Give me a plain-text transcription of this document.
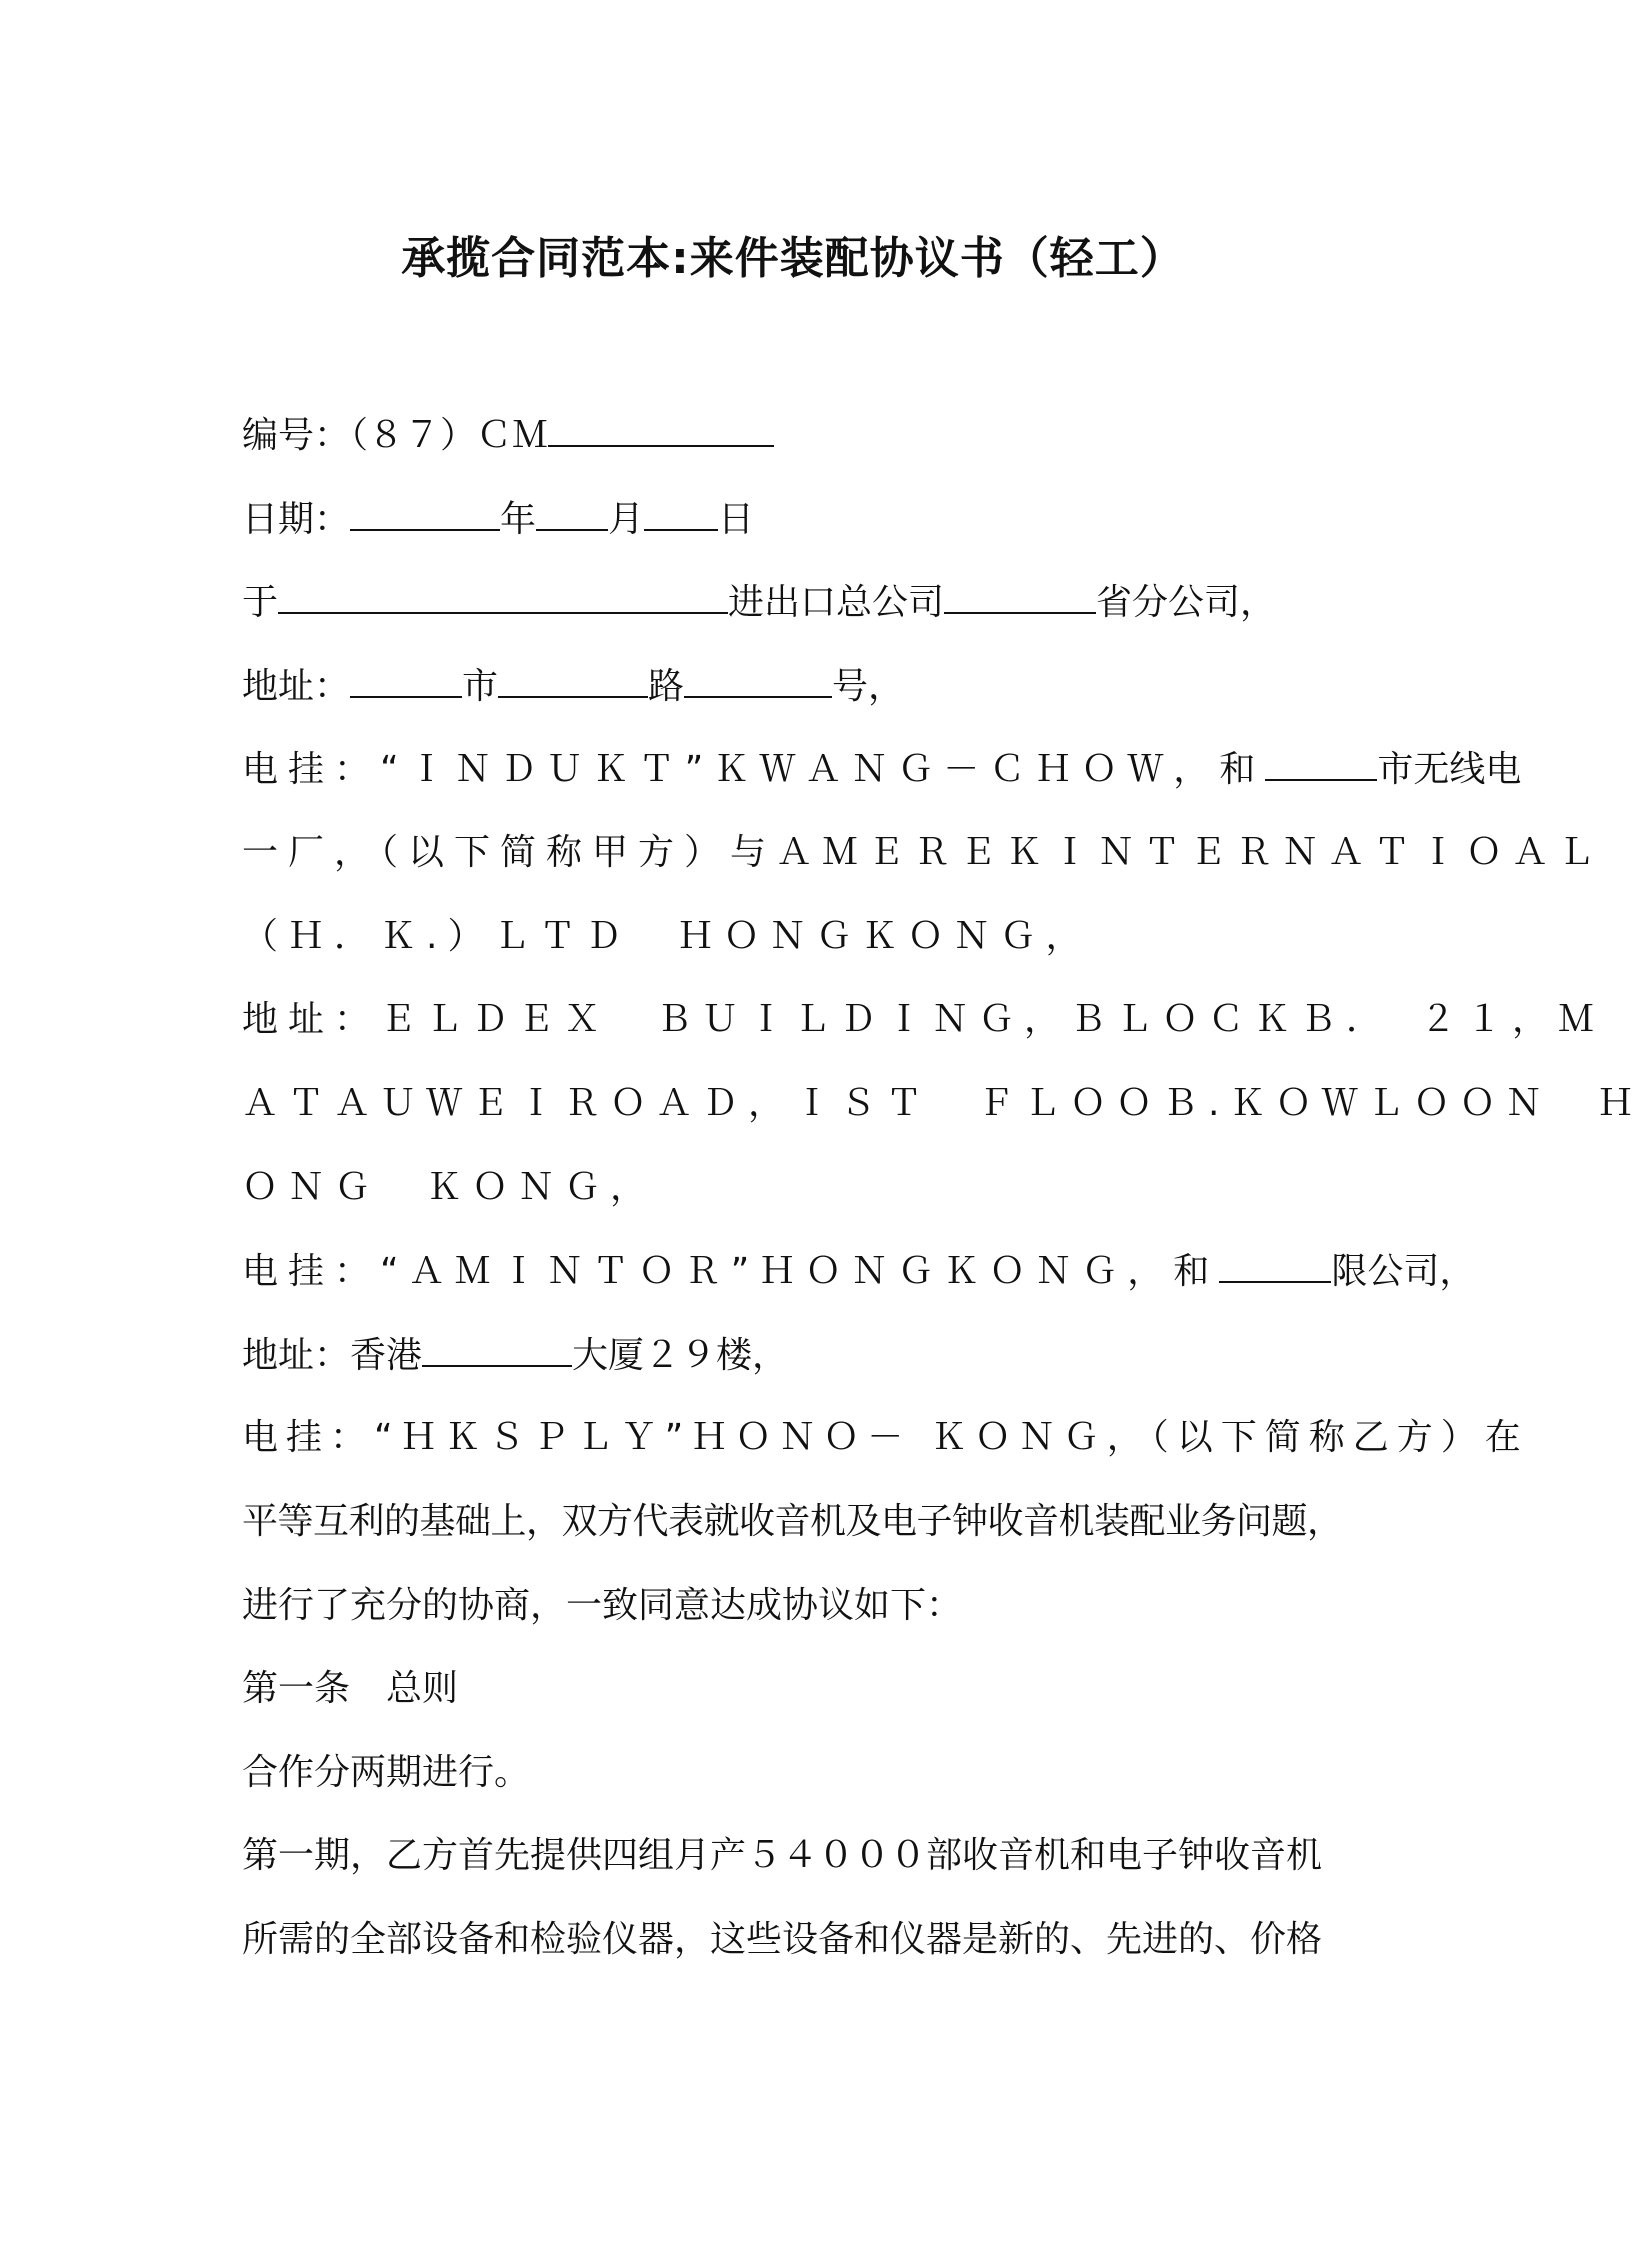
承揽合同范本:来件装配协议书（轻工）
编号：（８７）ＣＭ
日期：	年 月 日
于	进出口总公司	省分公司，
地址：	市	路	号，
电挂：“ＩＮＤＵＫＴ”ＫＷＡＮＧ－ＣＨＯＷ，和	市无线电
一厂，（以下简称甲方）与ＡＭＥＲＥＫＩＮＴＥＲＮＡＴＩＯＡＬ
（Ｈ．Ｋ.）ＬＴＤ　ＨＯＮＧＫＯＮＧ，
地址：ＥＬＤＥＸ　ＢＵＩＬＤＩＮＧ，ＢＬＯＣＫＢ．　２１，Ｍ
ＡＴＡＵＷＥＩＲＯＡＤ，ＩＳＴ　ＦＬＯＯＢ.ＫＯＷＬＯＯＮ　Ｈ
ＯＮＧ　ＫＯＮＧ，
电挂：“ＡＭＩＮＴＯＲ”ＨＯＮＧＫＯＮＧ，和	限公司，
地址：香港	大厦２９楼，
电挂：“ＨＫＳＰＬＹ”ＨＯＮＯ－ ＫＯＮＧ，（以下简称乙方）在
平等互利的基础上，双方代表就收音机及电子钟收音机装配业务问题，
进行了充分的协商，一致同意达成协议如下：
第一条　总则
合作分两期进行。
第一期，乙方首先提供四组月产５４０００部收音机和电子钟收音机
所需的全部设备和检验仪器，这些设备和仪器是新的、先进的、价格
